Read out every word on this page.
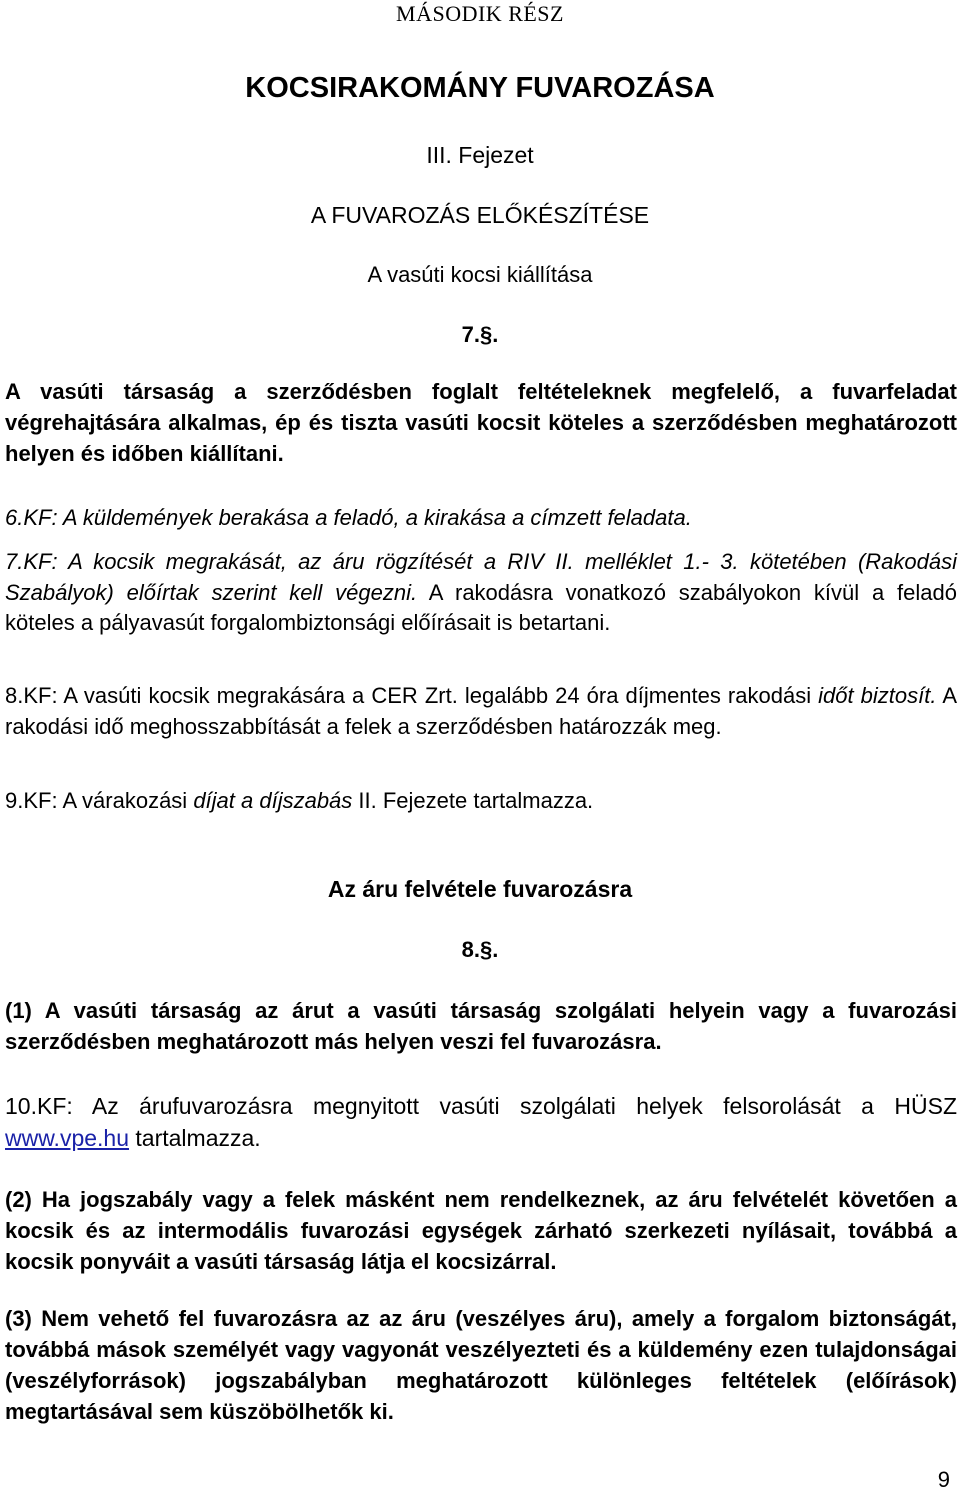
MÁSODIK RÉSZ
KOCSIRAKOMÁNY FUVAROZÁSA
III. Fejezet
A FUVAROZÁS ELŐKÉSZÍTÉSE
A vasúti kocsi kiállítása
7.§.
A vasúti társaság a szerződésben foglalt feltételeknek megfelelő, a fuvarfeladat végrehajtására alkalmas, ép és tiszta vasúti kocsit köteles a szerződésben meghatározott helyen és időben kiállítani.
6.KF: A küldemények berakása a feladó, a kirakása a címzett feladata.
7.KF: A kocsik megrakását, az áru rögzítését a RIV II. melléklet 1.- 3. kötetében (Rakodási Szabályok) előírtak szerint kell végezni. A rakodásra vonatkozó szabályokon kívül a feladó köteles a pályavasút forgalombiztonsági előírásait is betartani.
8.KF: A vasúti kocsik megrakására a CER Zrt. legalább 24 óra díjmentes rakodási időt biztosít. A rakodási idő meghosszabbítását a felek a szerződésben határozzák meg.
9.KF: A várakozási díjat a díjszabás II. Fejezete tartalmazza.
Az áru felvétele fuvarozásra
8.§.
(1) A vasúti társaság az árut a vasúti társaság szolgálati helyein vagy a fuvarozási szerződésben meghatározott más helyen veszi fel fuvarozásra.
10.KF: Az árufuvarozásra megnyitott vasúti szolgálati helyek felsorolását a HÜSZ www.vpe.hu tartalmazza.
(2) Ha jogszabály vagy a felek másként nem rendelkeznek, az áru felvételét követően a kocsik és az intermodális fuvarozási egységek zárható szerkezeti nyílásait, továbbá a kocsik ponyváit a vasúti társaság látja el kocsizárral.
(3) Nem vehető fel fuvarozásra az az áru (veszélyes áru), amely a forgalom biztonságát, továbbá mások személyét vagy vagyonát veszélyezteti és a küldemény ezen tulajdonságai (veszélyforrások) jogszabályban meghatározott különleges feltételek (előírások) megtartásával sem küszöbölhetők ki.
9
